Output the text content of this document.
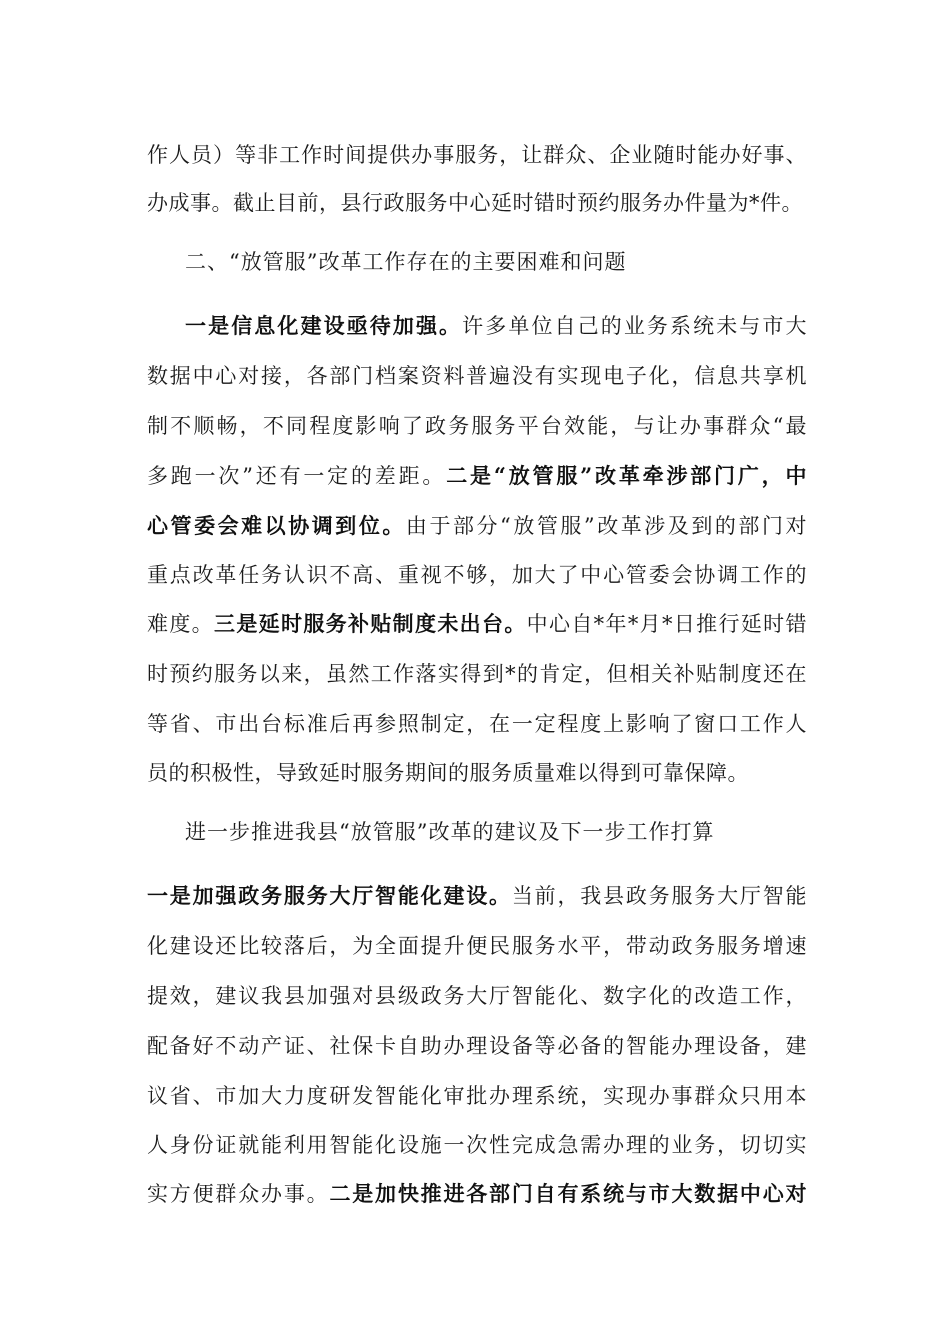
作人员）等非工作时间提供办事服务，让群众、企业随时能办好事、
办成事。截止目前，县行政服务中心延时错时预约服务办件量为*件。
二、“放管服”改革工作存在的主要困难和问题
一是信息化建设亟待加强。许多单位自己的业务系统未与市大
数据中心对接，各部门档案资料普遍没有实现电子化，信息共享机
制不顺畅，不同程度影响了政务服务平台效能，与让办事群众“最
多跑一次”还有一定的差距。二是“放管服”改革牵涉部门广，中
心管委会难以协调到位。由于部分“放管服”改革涉及到的部门对
重点改革任务认识不高、重视不够，加大了中心管委会协调工作的
难度。三是延时服务补贴制度未出台。中心自*年*月*日推行延时错
时预约服务以来，虽然工作落实得到*的肯定，但相关补贴制度还在
等省、市出台标准后再参照制定，在一定程度上影响了窗口工作人
员的积极性，导致延时服务期间的服务质量难以得到可靠保障。
进一步推进我县“放管服”改革的建议及下一步工作打算
一是加强政务服务大厅智能化建设。当前，我县政务服务大厅智能
化建设还比较落后，为全面提升便民服务水平，带动政务服务增速
提效，建议我县加强对县级政务大厅智能化、数字化的改造工作，
配备好不动产证、社保卡自助办理设备等必备的智能办理设备，建
议省、市加大力度研发智能化审批办理系统，实现办事群众只用本
人身份证就能利用智能化设施一次性完成急需办理的业务，切切实
实方便群众办事。二是加快推进各部门自有系统与市大数据中心对
